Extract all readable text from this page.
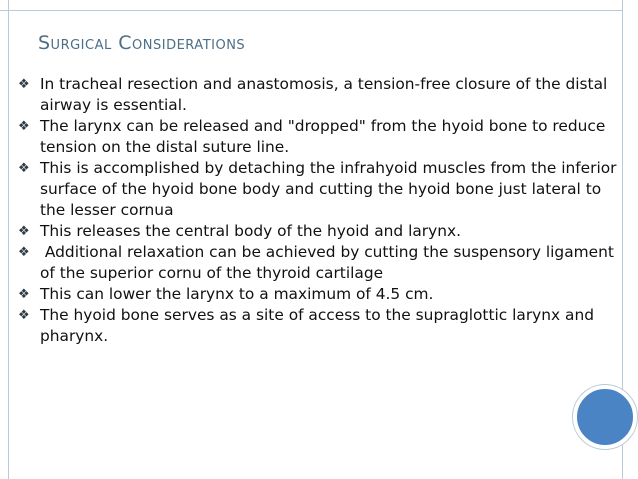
Surgical Considerations

❖ In tracheal resection and anastomosis, a tension-free closure of the distal airway is essential.

❖ The larynx can be released and "dropped" from the hyoid bone to reduce tension on the distal suture line.

❖ This is accomplished by detaching the infrahyoid muscles from the inferior surface of the hyoid bone body and cutting the hyoid bone just lateral to the lesser cornua

❖ This releases the central body of the hyoid and larynx.

❖ Additional relaxation can be achieved by cutting the suspensory ligament of the superior cornu of the thyroid cartilage

❖ This can lower the larynx to a maximum of 4.5 cm.

❖ The hyoid bone serves as a site of access to the supraglottic larynx and pharynx.
